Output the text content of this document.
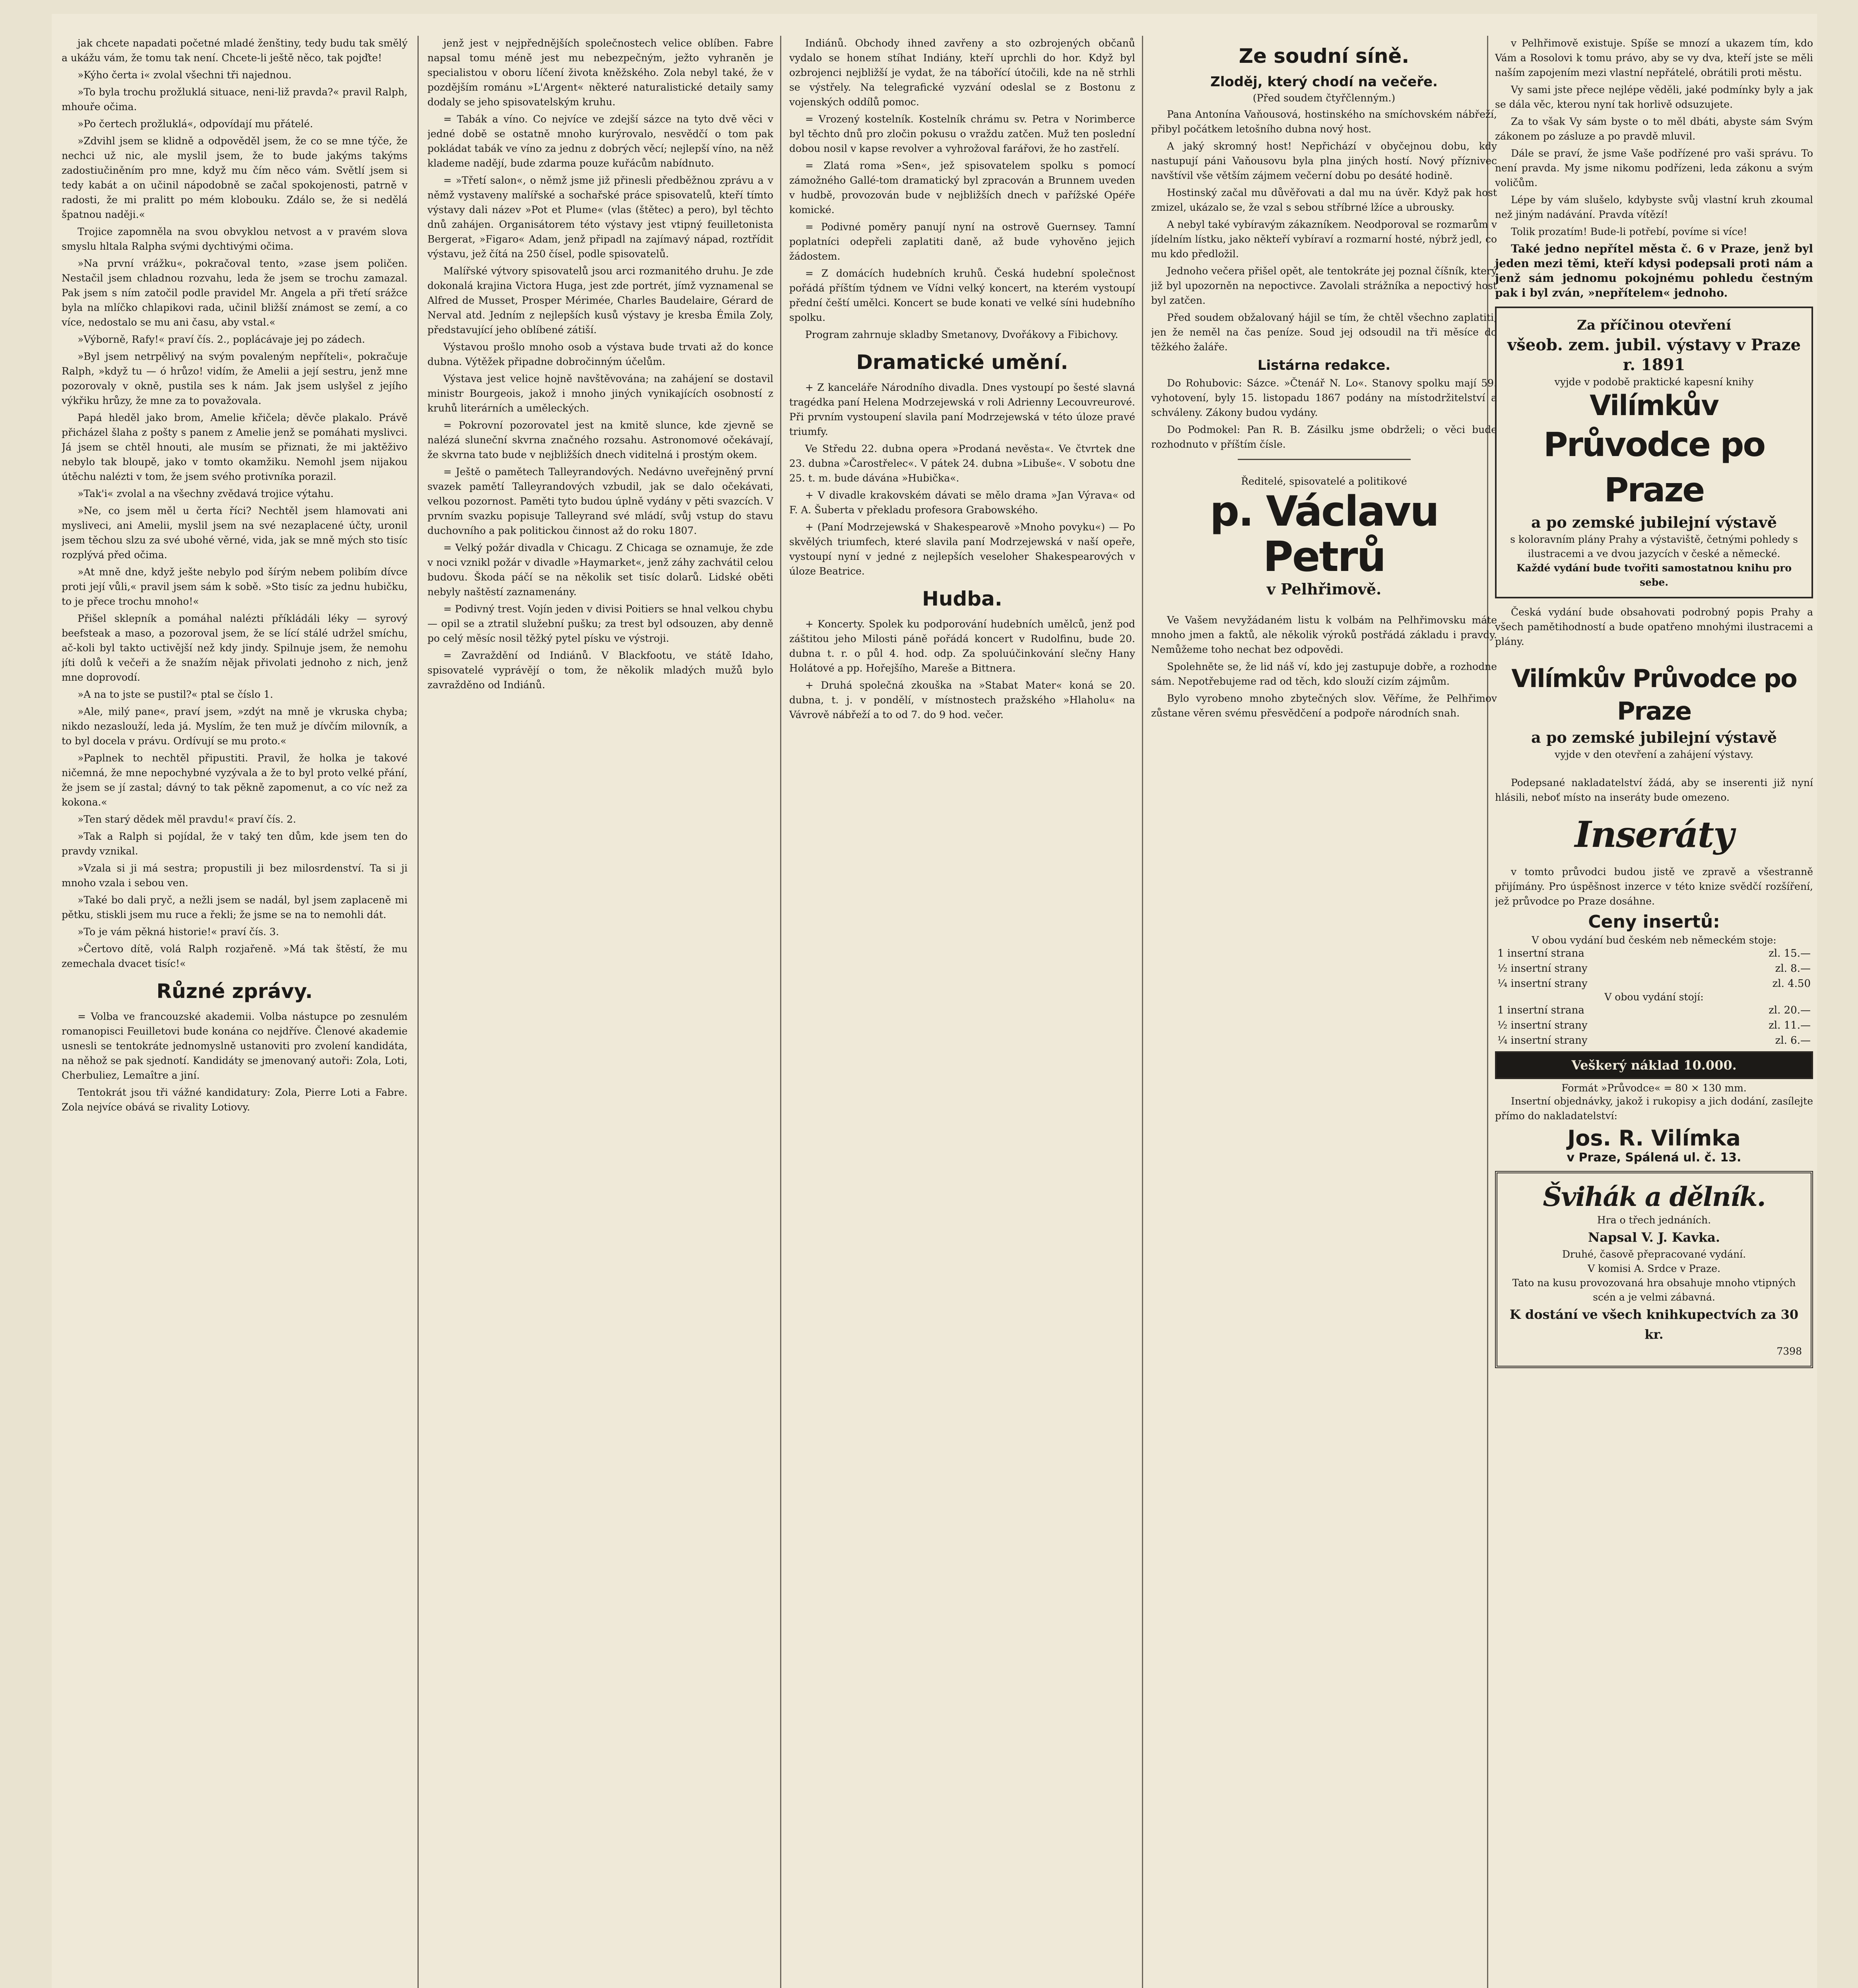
jak chcete napadati početné mladé ženštiny, tedy budu tak smělý a ukážu vám, že tomu tak není. Chcete-li ještě něco, tak pojďte!

»Kýho čerta i« zvolal všechni tři najednou.

»To byla trochu prožluklá situace, neni-liž pravda?« pravil Ralph, mhouře očima.

»Po čertech prožluklá«, odpovídají mu přátelé.

»Zdvihl jsem se klidně a odpověděl jsem, že co se mne týče, že nechci už nic, ale myslil jsem, že to bude jakýms takýms zadostiučiněním pro mne, když mu čím něco vám. Světlí jsem si tedy kabát a on učinil nápodobně se začal spokojenosti, patrně v radosti, že mi pralitt po mém klobouku. Zdálo se, že si nedělá špatnou naději.«

Trojice zapomněla na svou obvyklou netvost a v pravém slova smyslu hltala Ralpha svými dychtivými očima.

»Na první vrážku«, pokračoval tento, »zase jsem poličen. Nestačil jsem chladnou rozvahu, leda že jsem se trochu zamazal. Pak jsem s ním zatočil podle pravidel Mr. Angela a při třetí srážce byla na mlíčko chlapikovi rada, učinil bližší známost se zemí, a co více, nedostalo se mu ani času, aby vstal.«

»Výborně, Rafy!« praví čís. 2., poplácávaje jej po zádech.

»Byl jsem netrpělivý na svým povaleným nepříteli«, pokračuje Ralph, »když tu — ó hrůzo! vidím, že Amelii a její sestru, jenž mne pozorovaly v okně, pustila ses k nám. Jak jsem uslyšel z jejího výkřiku hrůzy, že mne za to považovala.

Papá hleděl jako brom, Amelie křičela; děvče plakalo. Právě přicházel šlaha z pošty s panem z Amelie jenž se pomáhati myslivci. Já jsem se chtěl hnouti, ale musím se přiznati, že mi jaktěživo nebylo tak bloupě, jako v tomto okamžiku. Nemohl jsem nijakou útěchu nalézti v tom, že jsem svého protivníka porazil.

»Tak'i« zvolal a na všechny zvědavá trojice výtahu.

»Ne, co jsem měl u čerta říci? Nechtěl jsem hlamovati ani mysliveci, ani Amelii, myslil jsem na své nezaplacené účty, uronil jsem těchou slzu za své ubohé věrné, vida, jak se mně mých sto tisíc rozplývá před očima.

»At mně dne, když ješte nebylo pod šírým nebem polibím dívce proti její vůli,« pravil jsem sám k sobě. »Sto tisíc za jednu hubičku, to je přece trochu mnoho!«

Přišel sklepník a pomáhal nalézti příkládáli léky — syrový beefsteak a maso, a pozoroval jsem, že se lící stálé udržel smíchu, ač-koli byl takto uctivější než kdy jindy. Spilnuje jsem, že nemohu jíti dolů k večeři a že snažím nějak přivolati jednoho z nich, jenž mne doprovodí.

»A na to jste se pustil?« ptal se číslo 1.

»Ale, milý pane«, praví jsem, »zdýt na mně je vkruska chyba; nikdo nezaslouží, leda já. Myslím, že ten muž je dívčím milovník, a to byl docela v právu. Ordívují se mu proto.«

»Paplnek to nechtěl připustiti. Pravil, že holka je takové ničemná, že mne nepochybné vyzývala a že to byl proto velké přání, že jsem se jí zastal; dávný to tak pěkně zapomenut, a co víc než za kokona.«

»Ten starý dědek měl pravdu!« praví čís. 2.

»Tak a Ralph si pojídal, že v taký ten dům, kde jsem ten do pravdy vznikal.

»Vzala si ji má sestra; propustili ji bez milosrdenství. Ta si ji mnoho vzala i sebou ven.

»Také bo dali pryč, a nežli jsem se nadál, byl jsem zaplaceně mi pětku, stiskli jsem mu ruce a řekli; že jsme se na to nemohli dát.

»To je vám pěkná historie!« praví čís. 3.

»Čertovo dítě, volá Ralph rozjařeně. »Má tak štěstí, že mu zemechala dvacet tisíc!«

Různé zprávy.

= Volba ve francouzské akademii. Volba nástupce po zesnulém romanopisci Feuilletovi bude konána co nejdříve. Členové akademie usnesli se tentokráte jednomyslně ustanoviti pro zvolení kandidáta, na něhož se pak sjednotí. Kandidáty se jmenovaný autoři: Zola, Loti, Cherbuliez, Lemaître a jiní.

Tentokrát jsou tři vážné kandidatury: Zola, Pierre Loti a Fabre. Zola nejvíce obává se rivality Lotiovy.

jenž jest v nejpřednějších společnostech velice oblíben. Fabre napsal tomu méně jest mu nebezpečným, ježto vyhraněn je specialistou v oboru líčení života kněžského. Zola nebyl také, že v pozdějším románu »L'Argent« některé naturalistické detaily samy dodaly se jeho spisovatelským kruhu.

= Tabák a víno. Co nejvíce ve zdejší sázce na tyto dvě věci v jedné době se ostatně mnoho kurýrovalo, nesvědčí o tom pak pokládat tabák ve víno za jednu z dobrých věcí; nejlepší víno, na něž klademe nadějí, bude zdarma pouze kuřácům nabídnuto.

= »Třetí salon«, o němž jsme již přinesli předběžnou zprávu a v němž vystaveny malířské a sochařské práce spisovatelů, kteří tímto výstavy dali název »Pot et Plume« (vlas (štětec) a pero), byl těchto dnů zahájen. Organisátorem této výstavy jest vtipný feuilletonista Bergerat, »Figaro« Adam, jenž připadl na zajímavý nápad, roztřídit výstavu, jež čítá na 250 čísel, podle spisovatelů.

Malířské výtvory spisovatelů jsou arci rozmanitého druhu. Je zde dokonalá krajina Victora Huga, jest zde portrét, jímž vyznamenal se Alfred de Musset, Prosper Mérimée, Charles Baudelaire, Gérard de Nerval atd. Jedním z nejlepších kusů výstavy je kresba Émila Zoly, představující jeho oblíbené zátiší.

Výstavou prošlo mnoho osob a výstava bude trvati až do konce dubna. Výtěžek připadne dobročinným účelům.

Výstava jest velice hojně navštěvována; na zahájení se dostavil ministr Bourgeois, jakož i mnoho jiných vynikajících osobností z kruhů literárních a uměleckých.

= Pokrovní pozorovatel jest na kmitě slunce, kde zjevně se nalézá sluneční skvrna značného rozsahu. Astronomové očekávají, že skvrna tato bude v nejbližších dnech viditelná i prostým okem.

= Ještě o pamětech Talleyrandových. Nedávno uveřejněný první svazek pamětí Talleyrandových vzbudil, jak se dalo očekávati, velkou pozornost. Paměti tyto budou úplně vydány v pěti svazcích. V prvním svazku popisuje Talleyrand své mládí, svůj vstup do stavu duchovního a pak politickou činnost až do roku 1807.

= Velký požár divadla v Chicagu. Z Chicaga se oznamuje, že zde v noci vznikl požár v divadle »Haymarket«, jenž záhy zachvátil celou budovu. Škoda páčí se na několik set tisíc dolarů. Lidské oběti nebyly naštěstí zaznamenány.

= Podivný trest. Vojín jeden v divisi Poitiers se hnal velkou chybu — opil se a ztratil služební pušku; za trest byl odsouzen, aby denně po celý měsíc nosil těžký pytel písku ve výstroji.

= Zavraždění od Indiánů. V Blackfootu, ve státě Idaho, spisovatelé vyprávějí o tom, že několik mladých mužů bylo zavražděno od Indiánů.

Indiánů. Obchody ihned zavřeny a sto ozbrojených občanů vydalo se honem stíhat Indiány, kteří uprchli do hor. Když byl ozbrojenci nejbližší je vydat, že na tábořící útočili, kde na ně strhli se výstřely. Na telegrafické vyzvání odeslal se z Bostonu z vojenských oddílů pomoc.

= Vrozený kostelník. Kostelník chrámu sv. Petra v Norimberce byl těchto dnů pro zločin pokusu o vraždu zatčen. Muž ten poslední dobou nosil v kapse revolver a vyhrožoval farářovi, že ho zastřelí.

= Zlatá roma »Sen«, jež spisovatelem spolku s pomocí zámožného Gallé-tom dramatický byl zpracován a Brunnem uveden v hudbě, provozován bude v nejbližších dnech v pařížské Opéře komické.

= Podivné poměry panují nyní na ostrově Guernsey. Tamní poplatníci odepřeli zaplatiti daně, až bude vyhověno jejich žádostem.

= Z domácích hudebních kruhů. Česká hudební společnost pořádá příštím týdnem ve Vídni velký koncert, na kterém vystoupí přední čeští umělci. Koncert se bude konati ve velké síni hudebního spolku.

Program zahrnuje skladby Smetanovy, Dvořákovy a Fibichovy.

Dramatické umění.

+ Z kanceláře Národního divadla. Dnes vystoupí po šesté slavná tragédka paní Helena Modrzejewská v roli Adrienny Lecouvreurové. Při prvním vystoupení slavila paní Modrzejewská v této úloze pravé triumfy.

Ve Středu 22. dubna opera »Prodaná nevěsta«. Ve čtvrtek dne 23. dubna »Čarostřelec«. V pátek 24. dubna »Libuše«. V sobotu dne 25. t. m. bude dávána »Hubička«.

+ V divadle krakovském dávati se mělo drama »Jan Výrava« od F. A. Šuberta v překladu profesora Grabowského.

+ (Paní Modrzejewská v Shakespearově »Mnoho povyku«) — Po skvělých triumfech, které slavila paní Modrzejewská v naší opeře, vystoupí nyní v jedné z nejlepších veseloher Shakespearových v úloze Beatrice.

Hudba.

+ Koncerty. Spolek ku podporování hudebních umělců, jenž pod záštitou jeho Milosti páně pořádá koncert v Rudolfinu, bude 20. dubna t. r. o půl 4. hod. odp. Za spoluúčinkování slečny Hany Holátové a pp. Hořejšího, Mareše a Bittnera.

+ Druhá společná zkouška na »Stabat Mater« koná se 20. dubna, t. j. v pondělí, v místnostech pražského »Hlaholu« na Vávrově nábřeží a to od 7. do 9 hod. večer.

Ze soudní síně.
Zloděj, který chodí na večeře.
(Před soudem čtyřčlenným.)

Pana Antonína Vaňousová, hostinského na smíchovském nábřeží, přibyl počátkem letošního dubna nový host.

A jaký skromný host! Nepřichází v obyčejnou dobu, kdy nastupují páni Vaňousovu byla plna jiných hostí. Nový příznivec navštívil vše větším zájmem večerní dobu po desáté hodině.

Hostinský začal mu důvěřovati a dal mu na úvěr. Když pak host zmizel, ukázalo se, že vzal s sebou stříbrné lžíce a ubrousky.

A nebyl také vybíravým zákazníkem. Neodporoval se rozmarům v jídelním lístku, jako někteří vybíraví a rozmarní hosté, nýbrž jedl, co mu kdo předložil.

Jednoho večera přišel opět, ale tentokráte jej poznal číšník, který již byl upozorněn na nepoctivce. Zavolali strážníka a nepoctivý host byl zatčen.

Před soudem obžalovaný hájil se tím, že chtěl všechno zaplatiti, jen že neměl na čas peníze. Soud jej odsoudil na tři měsíce do těžkého žaláře.

Listárna redakce.

Do Rohubovic: Sázce. »Čtenář N. Lo«. Stanovy spolku mají 59. vyhotovení, byly 15. listopadu 1867 podány na místodržitelství a schváleny. Zákony budou vydány.

Do Podmokel: Pan R. B. Zásilku jsme obdrželi; o věci bude rozhodnuto v příštím čísle.

Ředitelé, spisovatelé a politikové
p. Václavu Petrů
v Pelhřimově.

Ve Vašem nevyžádaném listu k volbám na Pelhřimovsku máte mnoho jmen a faktů, ale několik výroků postřádá základu i pravdy. Nemůžeme toho nechat bez odpovědi.

Spolehněte se, že lid náš ví, kdo jej zastupuje dobře, a rozhodne sám. Nepotřebujeme rad od těch, kdo slouží cizím zájmům.

Bylo vyrobeno mnoho zbytečných slov. Věříme, že Pelhřimov zůstane věren svému přesvědčení a podpoře národních snah.

v Pelhřimově existuje. Spíše se mnozí a ukazem tím, kdo Vám a Rosolovi k tomu právo, aby se vy dva, kteří jste se měli naším zapojením mezi vlastní nepřátelé, obrátili proti městu.

Vy sami jste přece nejlépe věděli, jaké podmínky byly a jak se dála věc, kterou nyní tak horlivě odsuzujete.

Za to však Vy sám byste o to měl dbáti, abyste sám Svým zákonem po zásluze a po pravdě mluvil.

Dále se praví, že jsme Vaše podřízené pro vaši správu. To není pravda. My jsme nikomu podřízeni, leda zákonu a svým voličům.

Lépe by vám slušelo, kdybyste svůj vlastní kruh zkoumal než jiným nadávání. Pravda vítězí!

Tolik prozatím! Bude-li potřebí, povíme si více!

Také jedno nepřítel města č. 6 v Praze, jenž byl jeden mezi těmi, kteří kdysi podepsali proti nám a jenž sám jednomu pokojnému pohledu čestným pak i byl zván, »nepřítelem« jednoho.

Za příčinou otevření
všeob. zem. jubil. výstavy v Praze r. 1891
vyjde v podobě praktické kapesní knihy
Vilímkův
Průvodce po Praze
a po zemské jubilejní výstavě
s koloravním plány Prahy a výstaviště, četnými pohledy s ilustracemi a ve dvou jazycích v české a německé.
Každé vydání bude tvořiti samostatnou knihu pro sebe.

Česká vydání bude obsahovati podrobný popis Prahy a všech pamětihodností a bude opatřeno mnohými ilustracemi a plány.

Vilímkův Průvodce po Praze
a po zemské jubilejní výstavě
vyjde v den otevření a zahájení výstavy.

Podepsané nakladatelství žádá, aby se inserenti již nyní hlásili, neboť místo na inseráty bude omezeno.

Inseráty

v tomto průvodci budou jistě ve zpravě a všestranně přijímány. Pro úspěšnost inzerce v této knize svědčí rozšíření, jež průvodce po Praze dosáhne.

Ceny insertů:
V obou vydání bud českém neb německém stoje:
1 insertní strana	zl. 15.—
½ insertní strany	zl. 8.—
¼ insertní strany	zl. 4.50
V obou vydání stojí:
1 insertní strana	zl. 20.—
½ insertní strany	zl. 11.—
¼ insertní strany	zl. 6.—
Veškerý náklad 10.000.
Formát »Průvodce« = 80 × 130 mm.

Insertní objednávky, jakož i rukopisy a jich dodání, zasílejte přímo do nakladatelství:

Jos. R. Vilímka
v Praze, Spálená ul. č. 13.
Švihák a dělník.
Hra o třech jednáních.
Napsal V. J. Kavka.
Druhé, časově přepracované vydání.
V komisi A. Srdce v Praze.
Tato na kusu provozovaná hra obsahuje mnoho vtipných scén a je velmi zábavná.
K dostání ve všech knihkupectvích za 30 kr.
7398
